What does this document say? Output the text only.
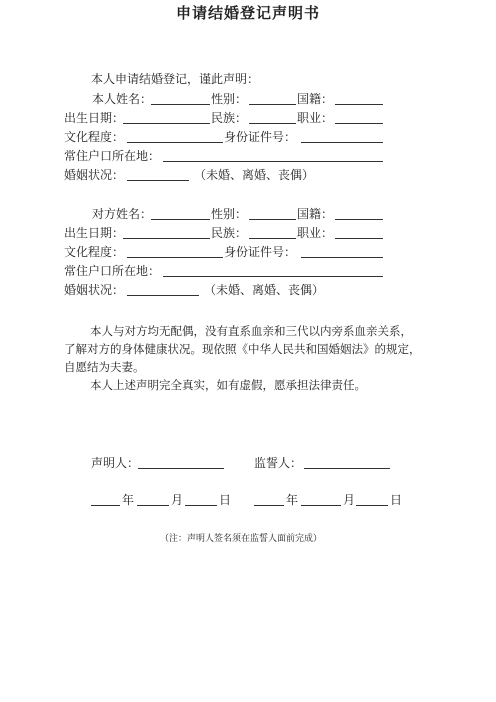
申请结婚登记声明书
本人申请结婚登记，谨此声明：
本人姓名：	性别：	国籍：
出生日期：	民族：	职业：
文化程度：	身份证件号：
常住户口所在地：
婚姻状况：	（未婚、离婚、丧偶）
对方姓名：	性别：	国籍：
出生日期：	民族：	职业：
文化程度：	身份证件号：
常住户口所在地：
婚姻状况：	（未婚、离婚、丧偶）
本人与对方均无配偶，没有直系血亲和三代以内旁系血亲关系，
了解对方的身体健康状况。现依照《中华人民共和国婚姻法》的规定，
自愿结为夫妻。
本人上述声明完全真实，如有虚假，愿承担法律责任。
声明人：	监誓人：
年	月	日	年	月	日
（注：声明人签名须在监誓人面前完成）
